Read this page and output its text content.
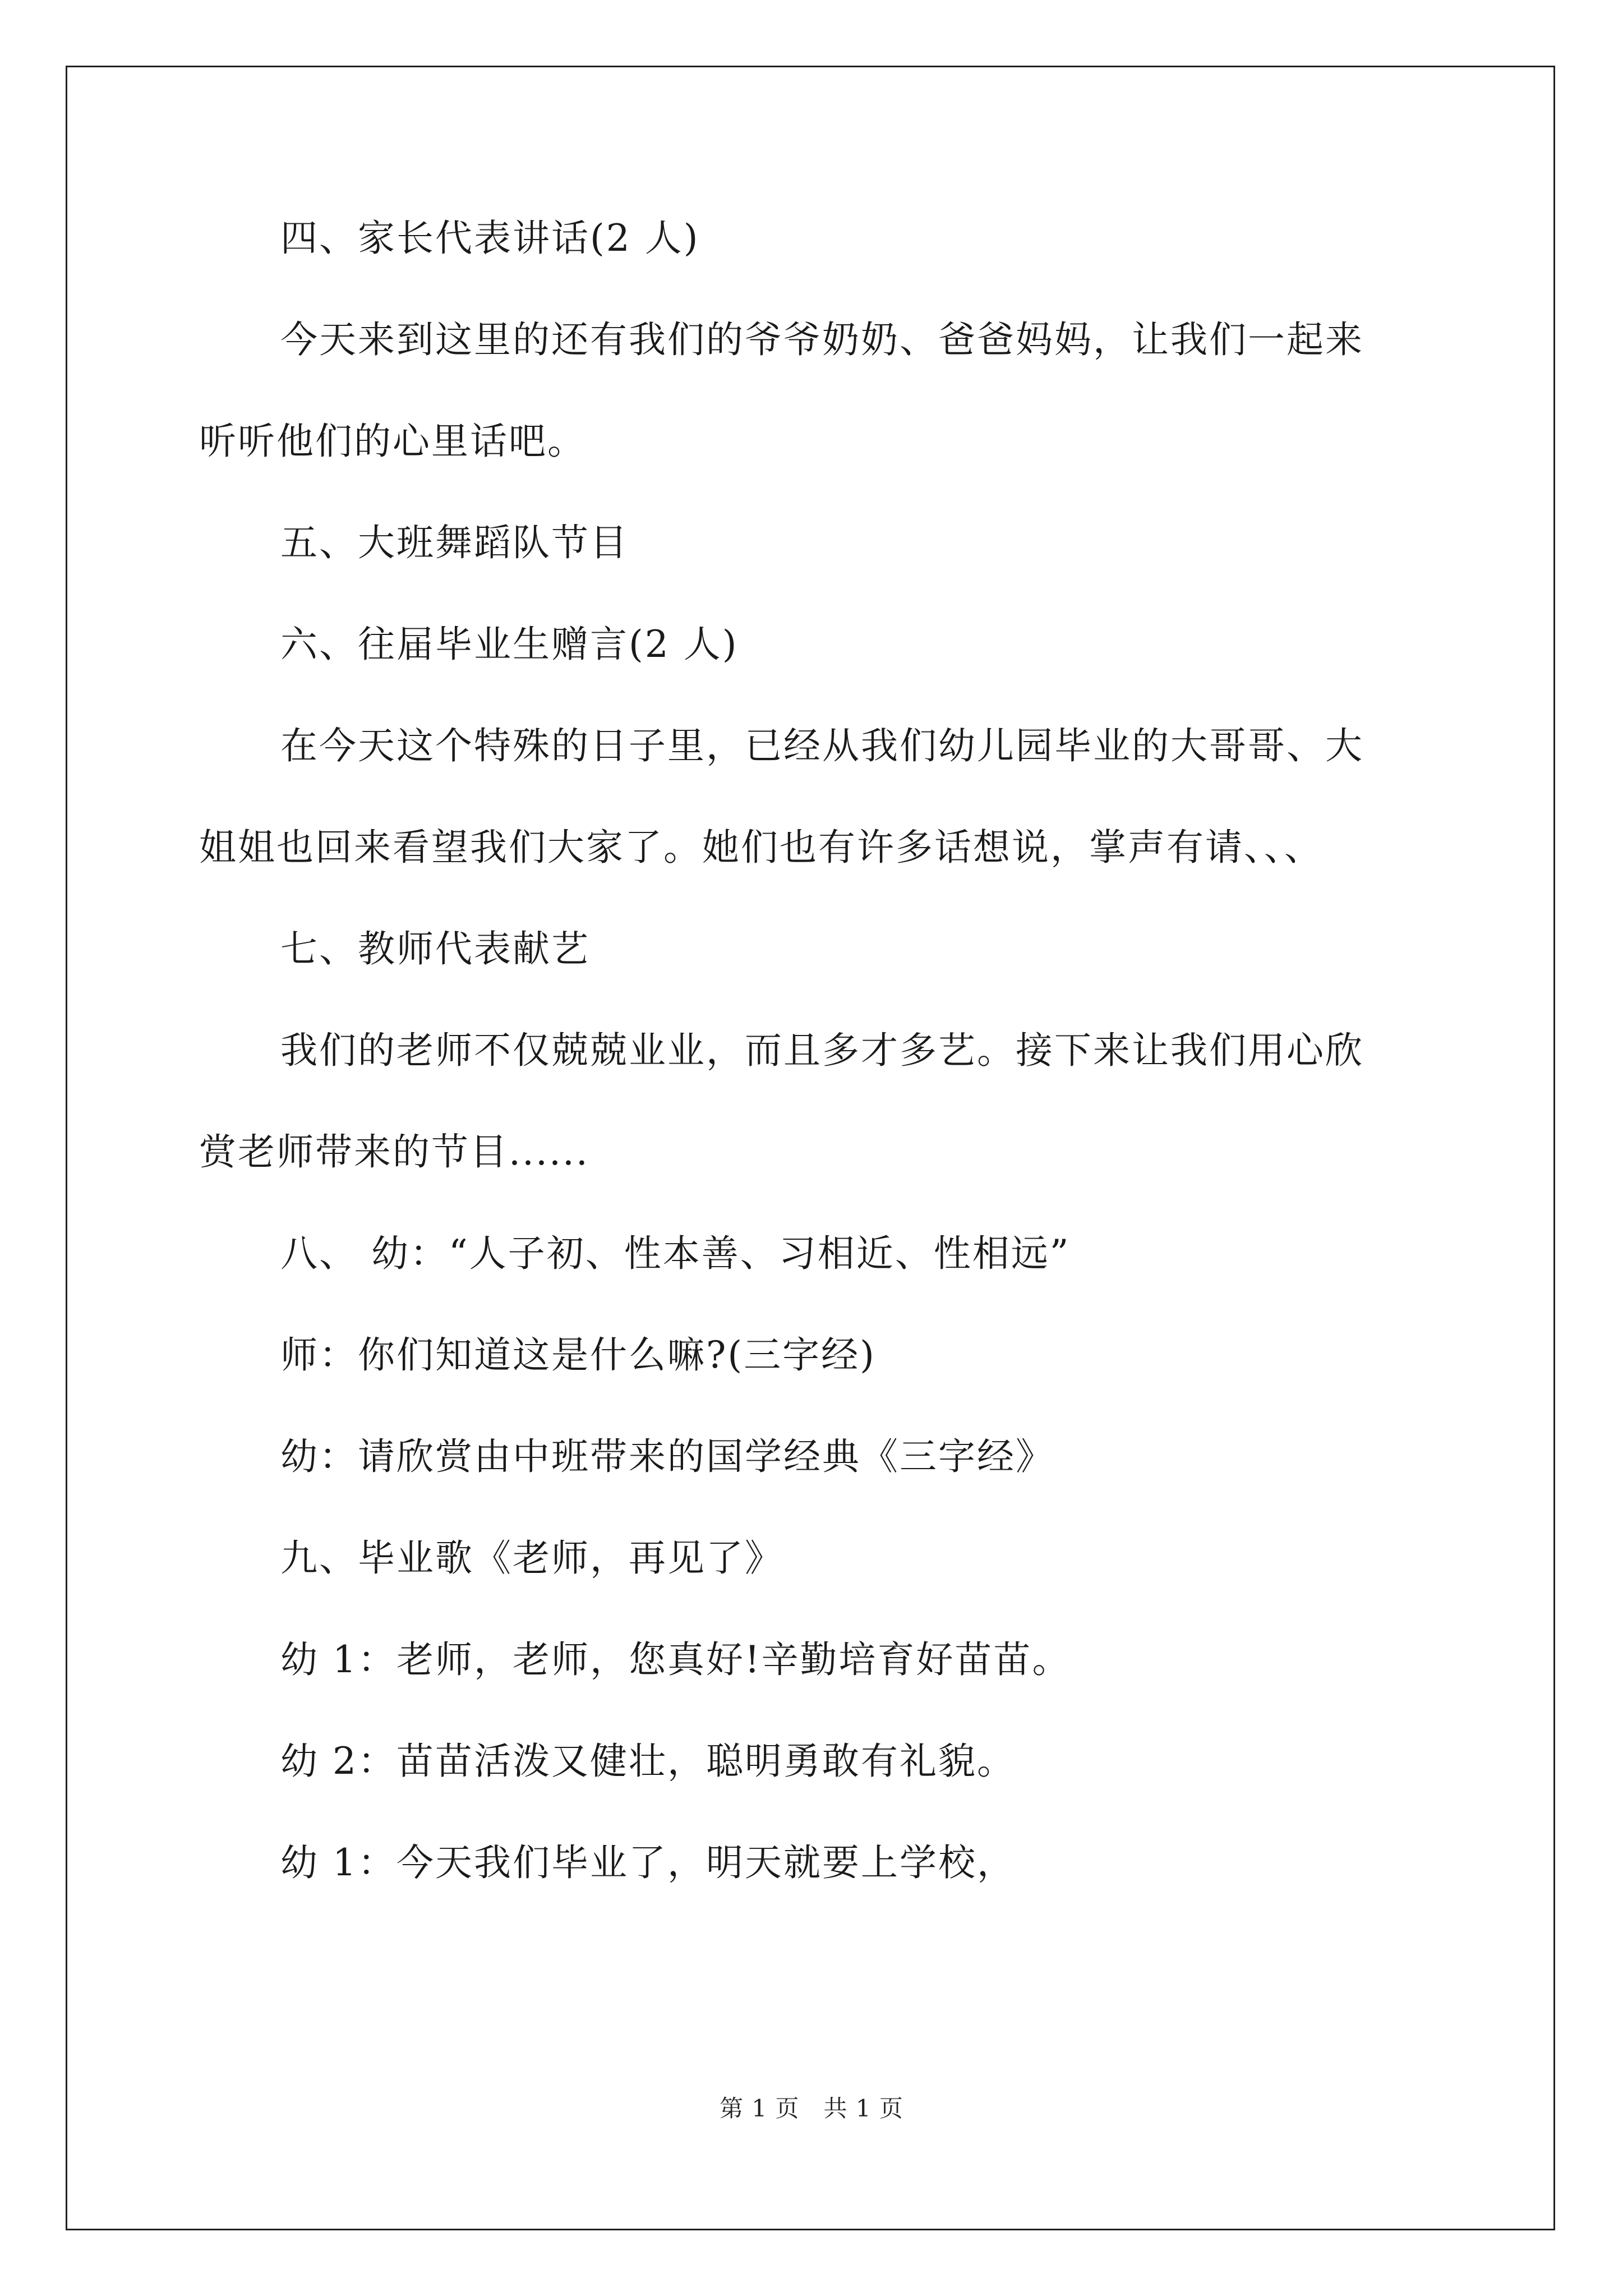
四、家长代表讲话(2 人)
今天来到这里的还有我们的爷爷奶奶、爸爸妈妈，让我们一起来
听听他们的心里话吧。
五、大班舞蹈队节目
六、往届毕业生赠言(2 人)
在今天这个特殊的日子里，已经从我们幼儿园毕业的大哥哥、大
姐姐也回来看望我们大家了。她们也有许多话想说，掌声有请、、、
七、教师代表献艺
我们的老师不仅兢兢业业，而且多才多艺。接下来让我们用心欣
赏老师带来的节目......
八、 幼：“人子初、性本善、习相近、性相远”
师：你们知道这是什么嘛?(三字经)
幼：请欣赏由中班带来的国学经典《三字经》
九、毕业歌《老师，再见了》
幼 1：老师，老师，您真好!辛勤培育好苗苗。
幼 2：苗苗活泼又健壮，聪明勇敢有礼貌。
幼 1：今天我们毕业了，明天就要上学校，
第 1 页　共 1 页
